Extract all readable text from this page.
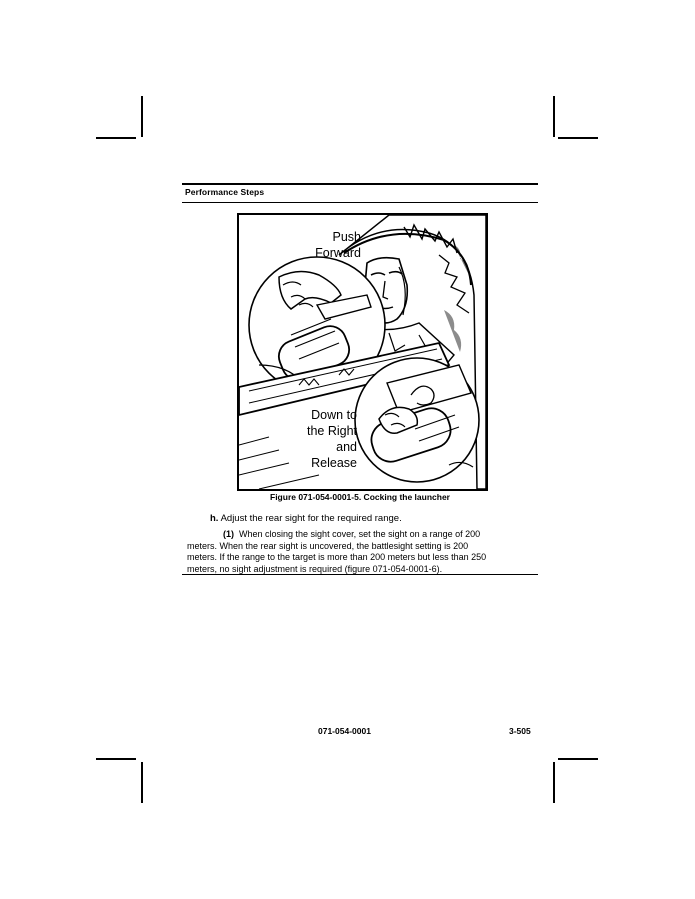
Performance Steps
Push
Forward
Down to
the Right
and
Release
Figure 071-054-0001-5. Cocking the launcher
h. Adjust the rear sight for the required range.
(1) When closing the sight cover, set the sight on a range of 200
meters. When the rear sight is uncovered, the battlesight setting is 200
meters. If the range to the target is more than 200 meters but less than 250
meters, no sight adjustment is required (figure 071-054-0001-6).
071-054-0001	3-505
